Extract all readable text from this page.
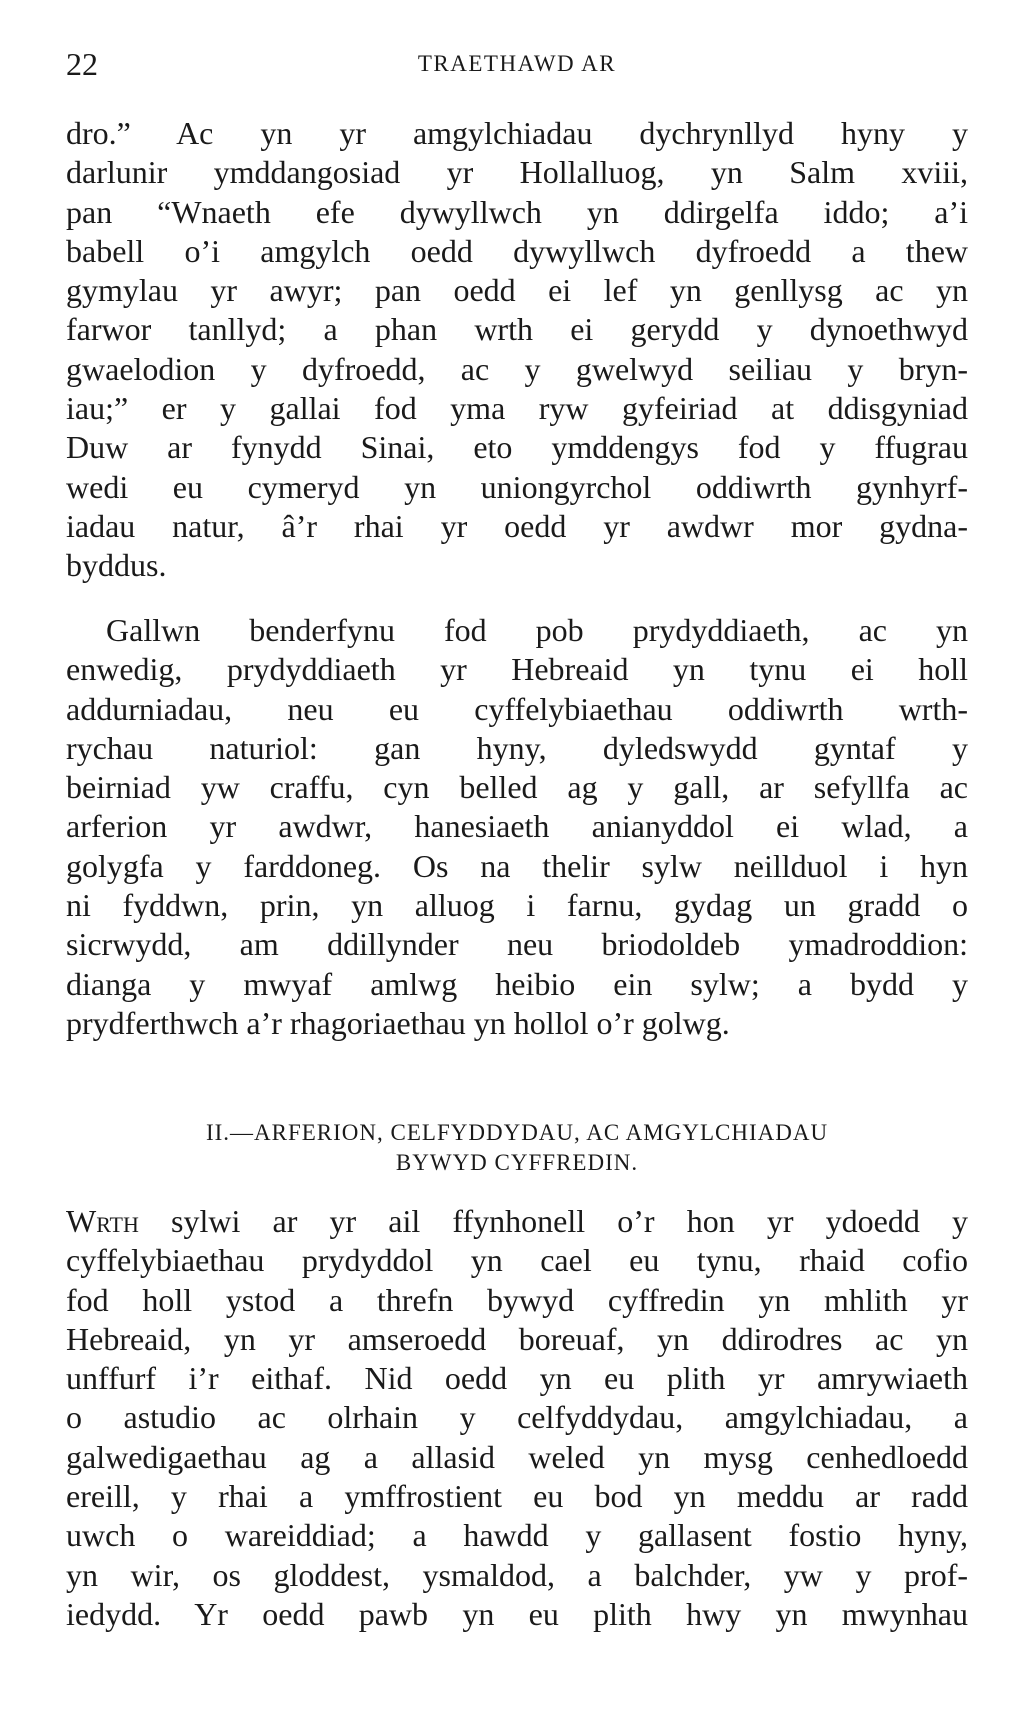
22	TRAETHAWD AR
dro.” Ac yn yr amgylchiadau dychrynllyd hyny y
darlunir ymddangosiad yr Hollalluog, yn Salm xviii,
pan “Wnaeth efe dywyllwch yn ddirgelfa iddo; a’i
babell o’i amgylch oedd dywyllwch dyfroedd a thew
gymylau yr awyr; pan oedd ei lef yn genllysg ac yn
farwor tanllyd; a phan wrth ei gerydd y dynoethwyd
gwaelodion y dyfroedd, ac y gwelwyd seiliau y bryn-
iau;” er y gallai fod yma ryw gyfeiriad at ddisgyniad
Duw ar fynydd Sinai, eto ymddengys fod y ffugrau
wedi eu cymeryd yn uniongyrchol oddiwrth gynhyrf-
iadau natur, â’r rhai yr oedd yr awdwr mor gydna-
byddus.
Gallwn benderfynu fod pob prydyddiaeth, ac yn
enwedig, prydyddiaeth yr Hebreaid yn tynu ei holl
addurniadau, neu eu cyffelybiaethau oddiwrth wrth-
rychau naturiol: gan hyny, dyledswydd gyntaf y
beirniad yw craffu, cyn belled ag y gall, ar sefyllfa ac
arferion yr awdwr, hanesiaeth anianyddol ei wlad, a
golygfa y farddoneg. Os na thelir sylw neillduol i hyn
ni fyddwn, prin, yn alluog i farnu, gydag un gradd o
sicrwydd, am ddillynder neu briodoldeb ymadroddion:
dianga y mwyaf amlwg heibio ein sylw; a bydd y
prydferthwch a’r rhagoriaethau yn hollol o’r golwg.
II.—ARFERION, CELFYDDYDAU, AC AMGYLCHIADAU
BYWYD CYFFREDIN.
Wrth sylwi ar yr ail ffynhonell o’r hon yr ydoedd y
cyffelybiaethau prydyddol yn cael eu tynu, rhaid cofio
fod holl ystod a threfn bywyd cyffredin yn mhlith yr
Hebreaid, yn yr amseroedd boreuaf, yn ddirodres ac yn
unffurf i’r eithaf. Nid oedd yn eu plith yr amrywiaeth
o astudio ac olrhain y celfyddydau, amgylchiadau, a
galwedigaethau ag a allasid weled yn mysg cenhedloedd
ereill, y rhai a ymffrostient eu bod yn meddu ar radd
uwch o wareiddiad; a hawdd y gallasent fostio hyny,
yn wir, os gloddest, ysmaldod, a balchder, yw y prof-
iedydd. Yr oedd pawb yn eu plith hwy yn mwynhau
